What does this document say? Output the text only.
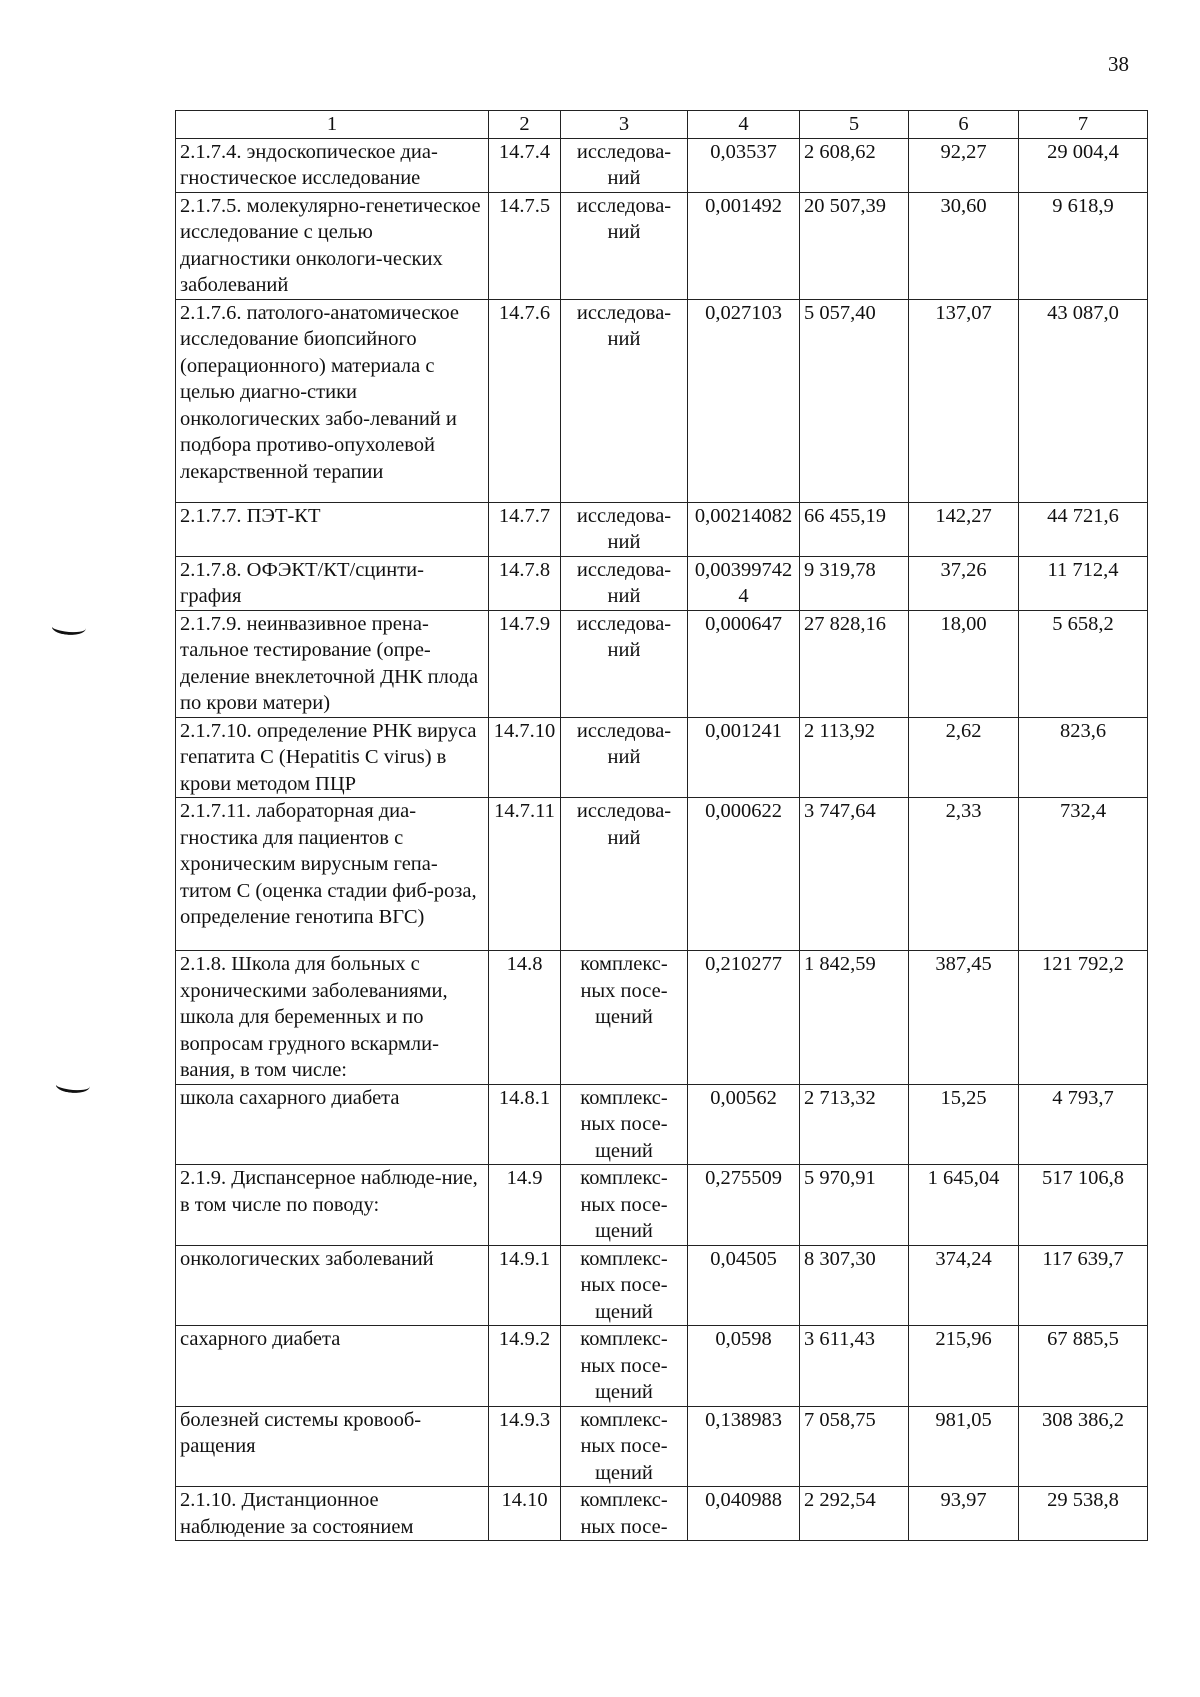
38
1	2	3	4	5	6	7
2.1.7.4. эндоскопическое диа-гностическое исследование	14.7.4	исследова-ний	0,03537	2 608,62	92,27	29 004,4
2.1.7.5. молекулярно-генетическое исследование с целью диагностики онкологи-ческих заболеваний	14.7.5	исследова-ний	0,001492	20 507,39	30,60	9 618,9
2.1.7.6. патолого-анатомическое исследование биопсийного (операционного) материала с целью диагно-стики онкологических забо-леваний и подбора противо-опухолевой лекарственной терапии	14.7.6	исследова-ний	0,027103	5 057,40	137,07	43 087,0
2.1.7.7. ПЭТ-КТ	14.7.7	исследова-ний	0,00214082	66 455,19	142,27	44 721,6
2.1.7.8. ОФЭКТ/КТ/сцинти-графия	14.7.8	исследова-ний	0,003997424	9 319,78	37,26	11 712,4
2.1.7.9. неинвазивное прена-тальное тестирование (опре-деление внеклеточной ДНК плода по крови матери)	14.7.9	исследова-ний	0,000647	27 828,16	18,00	5 658,2
2.1.7.10. определение РНК вируса гепатита С (Hepatitis C virus) в крови методом ПЦР	14.7.10	исследова-ний	0,001241	2 113,92	2,62	823,6
2.1.7.11. лабораторная диа-гностика для пациентов с хроническим вирусным гепа-титом С (оценка стадии фиб-роза, определение генотипа ВГС)	14.7.11	исследова-ний	0,000622	3 747,64	2,33	732,4
2.1.8. Школа для больных с хроническими заболеваниями, школа для беременных и по вопросам грудного вскармли-вания, в том числе:	14.8	комплекс-ных посе-щений	0,210277	1 842,59	387,45	121 792,2
школа сахарного диабета	14.8.1	комплекс-ных посе-щений	0,00562	2 713,32	15,25	4 793,7
2.1.9. Диспансерное наблюде-ние, в том числе по поводу:	14.9	комплекс-ных посе-щений	0,275509	5 970,91	1 645,04	517 106,8
онкологических заболеваний	14.9.1	комплекс-ных посе-щений	0,04505	8 307,30	374,24	117 639,7
сахарного диабета	14.9.2	комплекс-ных посе-щений	0,0598	3 611,43	215,96	67 885,5
болезней системы кровооб-ращения	14.9.3	комплекс-ных посе-щений	0,138983	7 058,75	981,05	308 386,2
2.1.10. Дистанционное наблюдение за состоянием	14.10	комплекс-ных посе-	0,040988	2 292,54	93,97	29 538,8
